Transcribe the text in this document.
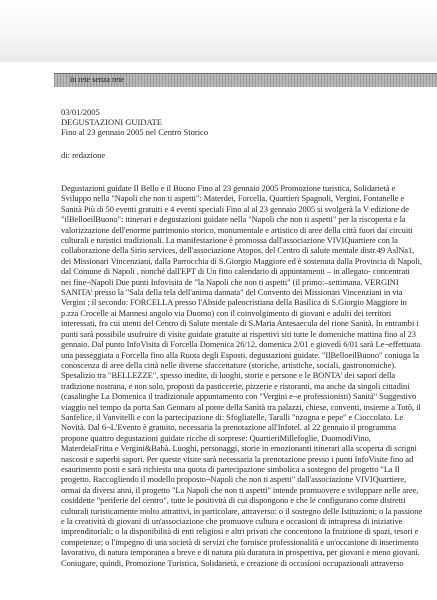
in rete senza rete
03/01/2005
DEGUSTAZIONI GUIDATE
Fino al 23 gennaio 2005 nel Centro Storico
di: redazione
Degustazioni guidate Il Bello e il Buono Fino al 23 gennaio 2005 Promozione turistica, Solidarietà e
Sviluppo nella "Napoli che non ti aspetti": Materdei, Forcella, Quartieri Spagnoli, Vergini, Fontanelle e
Sanità Più di 50 eventi gratuiti e 4 eventi speciali Fino al al 23 gennaio 2005 si svolgerà la V edizione de
"ilBelloeilBuono": itinerari e degustazioni guidate nella "Napoli che non ti aspetti" per la riscoperta e la
valorizzazione dell'enorme patrimonio storico, monumentale e artistico di aree della città fuori dai circuiti
culturali e turistici tradizionali. La manifestazione è promossa dall'associazione VIVIQuartiere con la
collaborazione della Sirio services, dell'associazione Atopos, del Centro di salute mentale distr.49 AslNa1,
dei Missionari Vincenziani, dalla Parrocchia di S.Giorgio Maggiore ed è sostenuta dalla Provincia di Napoli,
dal Comune di Napoli , nonché dall'EPT di Un fitto calendario di appuntamenti – in allegato- concentrati
nei fine¬Napoli Due punti Infovisita de "la Napoli che non ti aspetti" (il primo:–settimana. VERGINI
SANITA' presso la "Sala della tela dell'anima dannata" del Convento dei Missionari Vincenziani in via
Vergini ; il secondo: FORCELLA presso l'Abside paleocristiana della Basilica di S.Giorgio Maggiore in
p.zza Crocelle ai Mannesi angolo via Duomo) con il coinvolgimento di giovani e adulti dei territori
interessati, fra cui utenti del Centro di Salute mentale di S.Maria Antesaecula del rione Sanità. In entrambi i
punti sarà possibile usufruire di visite guidate gratuite ai rispettivi siti tutte le domeniche mattina fino al 23
gennaio. Dal punto InfoVisita di Forcella Domenica 26/12, domenica 2/01 e giovedì 6/01 sarà Le¬effettuata
una passeggiata a Forcella fino alla Ruota degli Esposti. degustazioni guidate. "IlBelloeilBuono" coniuga la
conoscenza di aree della città nelle diverse sfaccettature (storiche, artistiche, sociali, gastronomiche).
Spesalizio tra "BELLEZZE", spesso inedite, di luoghi, storie e persone e le BONTA' dei sapori della
tradizione nostrana, e non solo, proposti da pasticcerie, pizzerie e ristoranti, ma anche da singoli cittadini
(casalinghe La Domenica il tradizionale appuntamento con "Vergini e¬e professionisti) Sanità" Suggestivo
viaggio nel tempo da porta San Gennaro al ponte della Sanità tra palazzi, chiese, conventi, insieme a Totò, il
Sanfelice, il Vanvitelli e con la partecipazione di: Sfogliatelle, Taralli "nzogna e pepe" e Cioccolato. Le
Novità. Dal 6¬L'Evento è gratuito, necessaria la prenotazione all'Infotel. al 22 gennaio il programma
propone quattro degustazioni guidate ricche di sorprese: QuartieriMillefoglie, DuomodiVino,
MaterdeìaFritta e Vergini&Babà. Luoghi, personaggi, storie in emozionanti itinerari alla scoperta di scrigni
nascosti e superbi sapori. Per queste visite sarà necessaria la prenotazione presso i punti InfoVisite fino ad
esaurimento posti e sarà richiesta una quota di partecipazione simbolica a sostegno del progetto "La Il
progetto. Raccogliendo il modello proposto¬Napoli che non ti aspetti" dall'associazione VIVIQuartiere,
ormai da diversi anni, il progetto "La Napoli che non ti aspetti" intende promuovere e sviluppare nelle aree,
cosiddette "periferie del centro", tutte le positività di cui dispongono e che le configurano come distretti
culturali turisticamente molto attrattivi, in particolare, attraverso: o il sostegno delle Istituzioni; o la passione
e la creatività di giovani di un'associazione che promuove cultura e occasioni di intrapresa di iniziative
imprenditoriali; o la disponibilità di enti religiosi e altri privati che concentono la fruizione di spazi, tesori e
competenze; o l'impegno di una società di servizi che fornisce professionalità e un'occasione di inserimento
lavorativo, di natura temporanea a breve e di natura più duratura in prospettiva, per giovani e meno giovani.
Coniugare, quindi, Promozione Turistica, Solidarietà, e creazione di occasioni occupazionali attraverso
